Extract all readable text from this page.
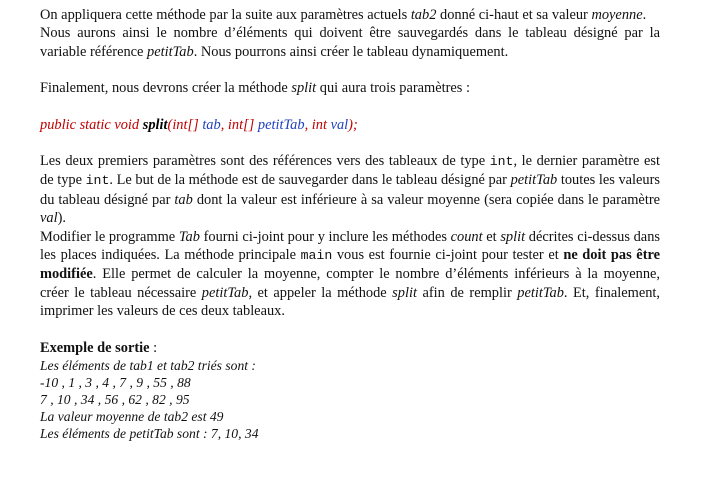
On appliquera cette méthode par la suite aux paramètres actuels tab2 donné ci-haut et sa valeur moyenne.
Nous aurons ainsi le nombre d’éléments qui doivent être sauvegardés dans le tableau désigné par la variable référence petitTab. Nous pourrons ainsi créer le tableau dynamiquement.
Finalement, nous devrons créer la méthode split qui aura trois paramètres :
public static void split(int[] tab, int[] petitTab, int val);
Les deux premiers paramètres sont des références vers des tableaux de type int, le dernier paramètre est de type int. Le but de la méthode est de sauvegarder dans le tableau désigné par petitTab toutes les valeurs du tableau désigné par tab dont la valeur est inférieure à sa valeur moyenne (sera copiée dans le paramètre val).
Modifier le programme Tab fourni ci-joint pour y inclure les méthodes count et split décrites ci-dessus dans les places indiquées. La méthode principale main vous est fournie ci-joint pour tester et ne doit pas être modifiée. Elle permet de calculer la moyenne, compter le nombre d’éléments inférieurs à la moyenne, créer le tableau nécessaire petitTab, et appeler la méthode split afin de remplir petitTab. Et, finalement, imprimer les valeurs de ces deux tableaux.
Exemple de sortie :
Les éléments de tab1 et tab2 triés sont :
-10 , 1 , 3 , 4 , 7 , 9 , 55 , 88
7 , 10 , 34 , 56 , 62 , 82 , 95
La valeur moyenne de tab2 est 49
Les éléments de petitTab sont : 7, 10, 34
